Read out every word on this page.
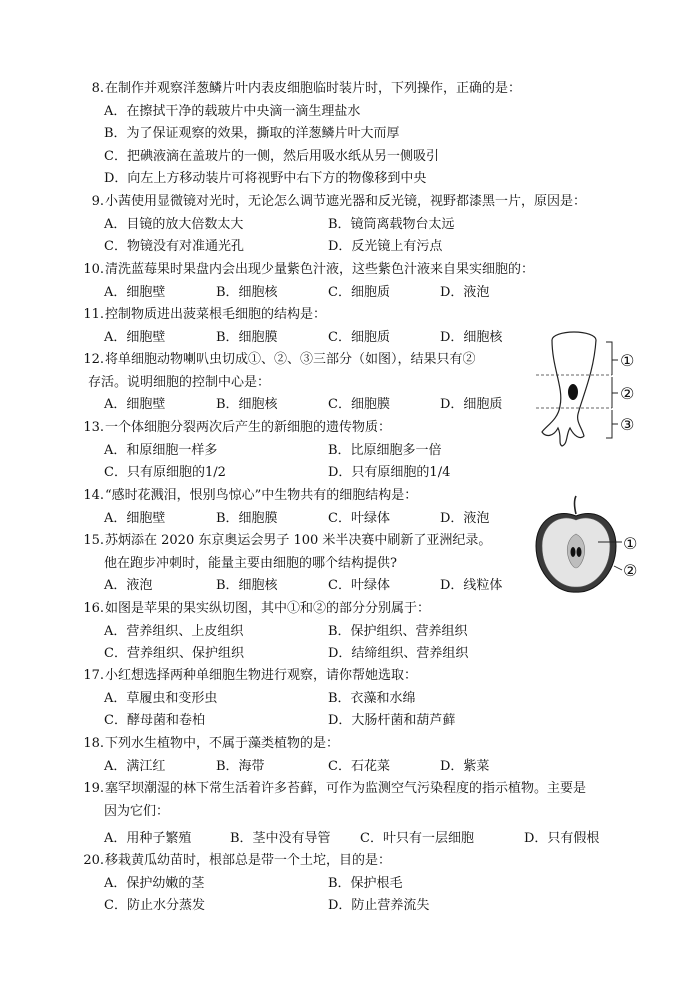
8.在制作并观察洋葱鳞片叶内表皮细胞临时装片时，下列操作，正确的是：
A．在擦拭干净的载玻片中央滴一滴生理盐水
B．为了保证观察的效果，撕取的洋葱鳞片叶大而厚
C．把碘液滴在盖玻片的一侧，然后用吸水纸从另一侧吸引
D．向左上方移动装片可将视野中右下方的物像移到中央
9.小茜使用显微镜对光时，无论怎么调节遮光器和反光镜，视野都漆黑一片，原因是：
A．目镜的放大倍数太大	B．镜筒离载物台太远
C．物镜没有对准通光孔	D．反光镜上有污点
10.清洗蓝莓果时果盘内会出现少量紫色汁液，这些紫色汁液来自果实细胞的：
A．细胞壁	B．细胞核	C．细胞质	D．液泡
11.控制物质进出菠菜根毛细胞的结构是：
A．细胞壁	B．细胞膜	C．细胞质	D．细胞核
12.将单细胞动物喇叭虫切成①、②、③三部分（如图），结果只有②
存活。说明细胞的控制中心是：
A．细胞壁	B．细胞核	C．细胞膜	D．细胞质
13.一个体细胞分裂两次后产生的新细胞的遗传物质：
A．和原细胞一样多	B．比原细胞多一倍
C．只有原细胞的1/2	D．只有原细胞的1/4
14.“感时花溅泪，恨别鸟惊心”中生物共有的细胞结构是：
A．细胞壁	B．细胞膜	C．叶绿体	D．液泡
15.苏炳添在 2020 东京奥运会男子 100 米半决赛中刷新了亚洲纪录。
他在跑步冲刺时，能量主要由细胞的哪个结构提供?
A．液泡	B．细胞核	C．叶绿体	D．线粒体
16.如图是苹果的果实纵切图，其中①和②的部分分别属于：
A．营养组织、上皮组织	B．保护组织、营养组织
C．营养组织、保护组织	D．结缔组织、营养组织
17.小红想选择两种单细胞生物进行观察，请你帮她选取：
A．草履虫和变形虫	B．衣藻和水绵
C．酵母菌和卷柏	D．大肠杆菌和葫芦藓
18.下列水生植物中，不属于藻类植物的是：
A．满江红	B．海带	C．石花菜	D．紫菜
19.塞罕坝潮湿的林下常生活着许多苔藓，可作为监测空气污染程度的指示植物。主要是
因为它们：
A．用种子繁殖	B．茎中没有导管 C．叶只有一层细胞	D．只有假根
20.移栽黄瓜幼苗时，根部总是带一个土坨，目的是：
A．保护幼嫩的茎	B．保护根毛
C．防止水分蒸发	D．防止营养流失
①
②
③
①
②
